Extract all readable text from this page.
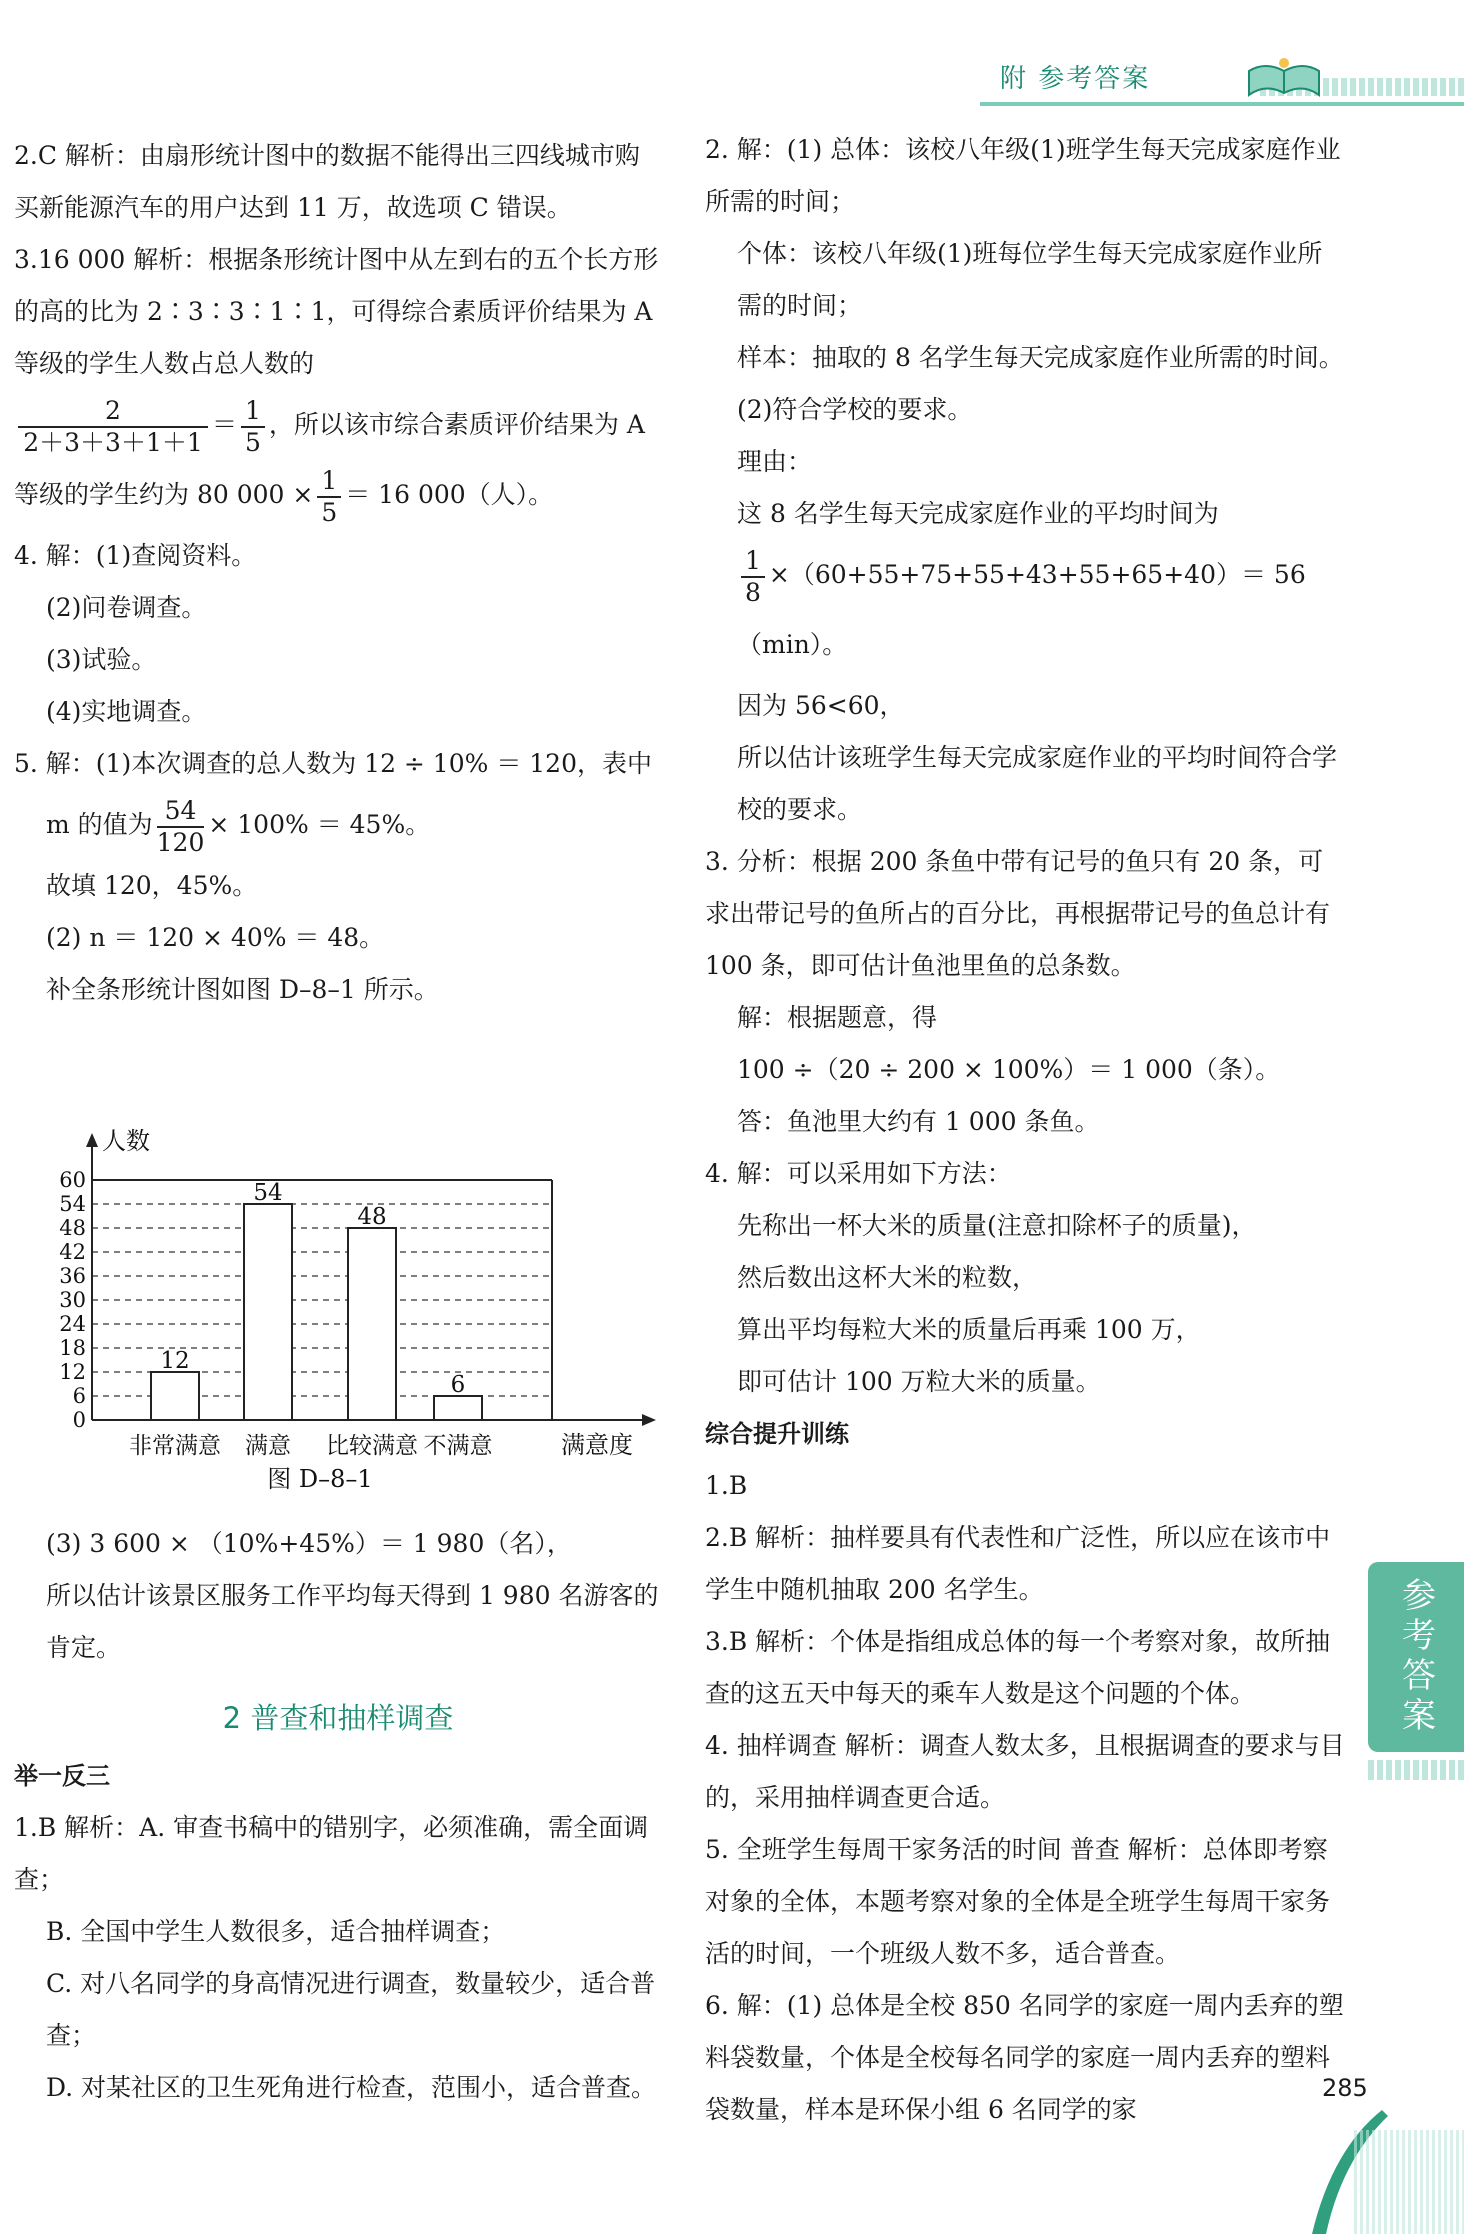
附 参考答案

2.C 解析：由扇形统计图中的数据不能得出三四线城市购买新能源汽车的用户达到 11 万，故选项 C 错误。

3.16 000 解析：根据条形统计图中从左到右的五个长方形的高的比为 2∶3∶3∶1∶1，可得综合素质评价结果为 A 等级的学生人数占总人数的

$\frac{2}{2+3+3+1+1} = \frac{1}{5}$ ，所以该市综合素质评价结果为 A

等级的学生约为 80 $000 \times \frac{1}{5} = 16$ 000（人）。

4. 解：(1)查阅资料。

(2)问卷调查。

(3)试验。

(4)实地调查。

5. 解：(1)本次调查的总人数为 12 ÷ 10% ＝ 120，表中

m 的值为 $\frac{54}{120} \times 100\% = 45\%$。

故填 120，45%。

(2) n ＝ 120 × 40% ＝ 48。

补全条形统计图如图 D–8–1 所示。

0
6
12
18
24
30
36
42
48
54
60
人数
满意度
12
非常满意
54
满意
48
比较满意
6
不满意
图 D–8–1

(3) 3 600 × （10%+45%）＝ 1 980（名），

所以估计该景区服务工作平均每天得到 1 980 名游客的肯定。

2 普查和抽样调查

举一反三

1.B 解析：A. 审查书稿中的错别字，必须准确，需全面调查；

B. 全国中学生人数很多，适合抽样调查；

C. 对八名同学的身高情况进行调查，数量较少，适合普查；

D. 对某社区的卫生死角进行检查，范围小，适合普查。

2. 解：(1) 总体：该校八年级(1)班学生每天完成家庭作业所需的时间；

个体：该校八年级(1)班每位学生每天完成家庭作业所需的时间；

样本：抽取的 8 名学生每天完成家庭作业所需的时间。

(2)符合学校的要求。

理由：

这 8 名学生每天完成家庭作业的平均时间为

$\frac{1}{8} \times(60+55+75+55+43+55+65+40)= 56(\min)$。

因为 56<60，

所以估计该班学生每天完成家庭作业的平均时间符合学校的要求。

3. 分析：根据 200 条鱼中带有记号的鱼只有 20 条，可求出带记号的鱼所占的百分比，再根据带记号的鱼总计有 100 条，即可估计鱼池里鱼的总条数。

解：根据题意，得

100 ÷（20 ÷ 200 × 100%）＝ 1 000（条）。

答：鱼池里大约有 1 000 条鱼。

4. 解：可以采用如下方法：

先称出一杯大米的质量(注意扣除杯子的质量)，

然后数出这杯大米的粒数，

算出平均每粒大米的质量后再乘 100 万，

即可估计 100 万粒大米的质量。

综合提升训练

1.B

2.B 解析：抽样要具有代表性和广泛性，所以应在该市中学生中随机抽取 200 名学生。

3.B 解析：个体是指组成总体的每一个考察对象，故所抽查的这五天中每天的乘车人数是这个问题的个体。

4. 抽样调查 解析：调查人数太多，且根据调查的要求与目的，采用抽样调查更合适。

5. 全班学生每周干家务活的时间 普查 解析：总体即考察对象的全体，本题考察对象的全体是全班学生每周干家务活的时间，一个班级人数不多，适合普查。

6. 解：(1) 总体是全校 850 名同学的家庭一周内丢弃的塑料袋数量，个体是全校每名同学的家庭一周内丢弃的塑料袋数量，样本是环保小组 6 名同学的家

参考答案
285
